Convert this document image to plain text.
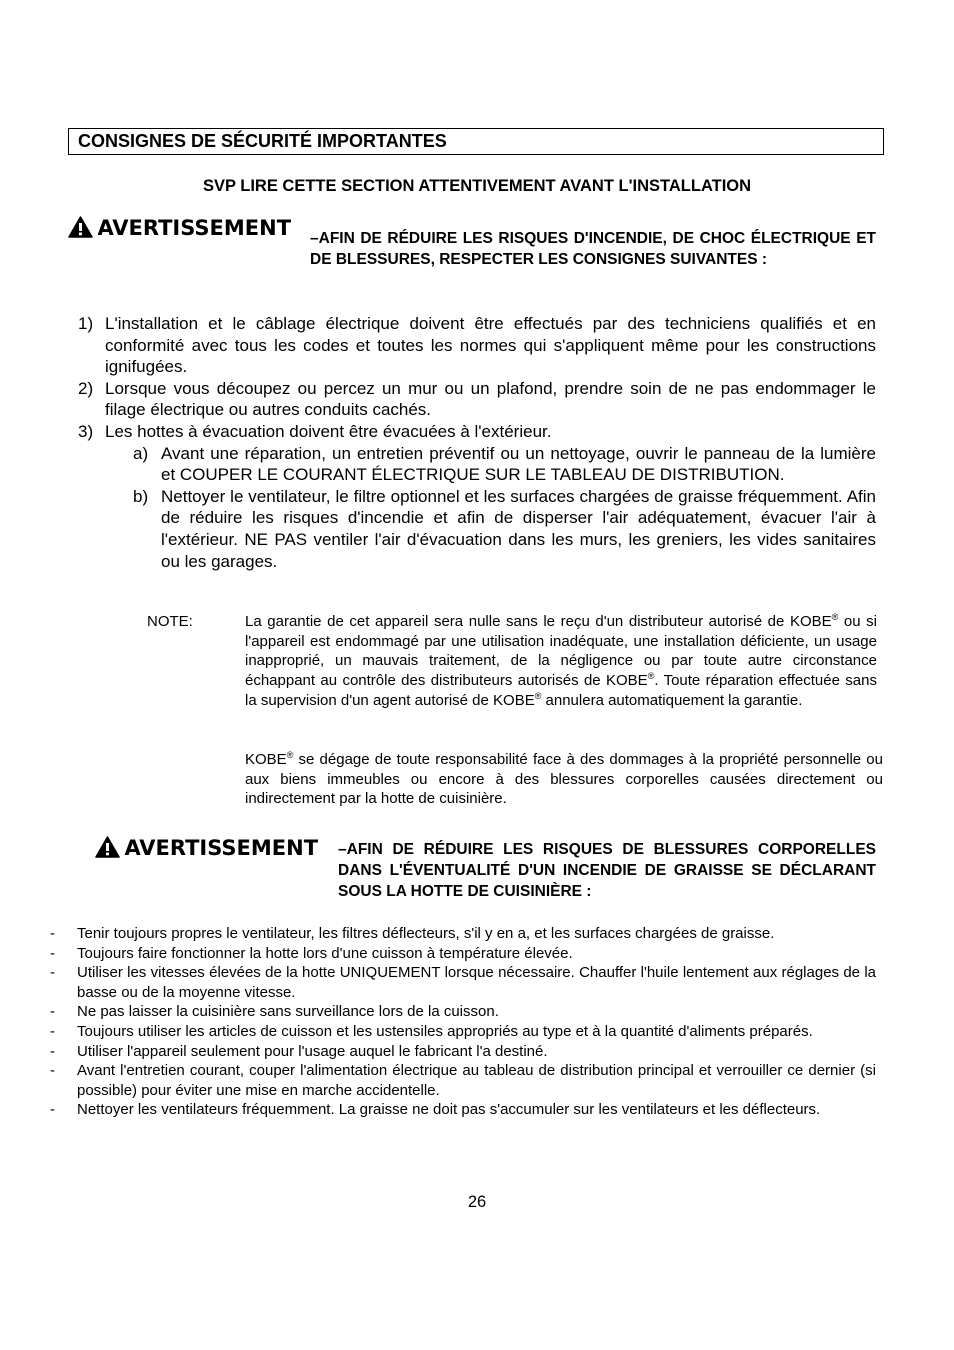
CONSIGNES DE SÉCURITÉ IMPORTANTES
SVP LIRE CETTE SECTION ATTENTIVEMENT AVANT L'INSTALLATION
AVERTISSEMENT –AFIN DE RÉDUIRE LES RISQUES D'INCENDIE, DE CHOC ÉLECTRIQUE ET DE BLESSURES, RESPECTER LES CONSIGNES SUIVANTES :
1) L'installation et le câblage électrique doivent être effectués par des techniciens qualifiés et en conformité avec tous les codes et toutes les normes qui s'appliquent même pour les constructions ignifugées.
2) Lorsque vous découpez ou percez un mur ou un plafond, prendre soin de ne pas endommager le filage électrique ou autres conduits cachés.
3) Les hottes à évacuation doivent être évacuées à l'extérieur.
a) Avant une réparation, un entretien préventif ou un nettoyage, ouvrir le panneau de la lumière et COUPER LE COURANT ÉLECTRIQUE SUR LE TABLEAU DE DISTRIBUTION.
b) Nettoyer le ventilateur, le filtre optionnel et les surfaces chargées de graisse fréquemment. Afin de réduire les risques d'incendie et afin de disperser l'air adéquatement, évacuer l'air à l'extérieur. NE PAS ventiler l'air d'évacuation dans les murs, les greniers, les vides sanitaires ou les garages.
NOTE:	La garantie de cet appareil sera nulle sans le reçu d'un distributeur autorisé de KOBE® ou si l'appareil est endommagé par une utilisation inadéquate, une installation déficiente, un usage inapproprié, un mauvais traitement, de la négligence ou par toute autre circonstance échappant au contrôle des distributeurs autorisés de KOBE®. Toute réparation effectuée sans la supervision d'un agent autorisé de KOBE® annulera automatiquement la garantie.

KOBE® se dégage de toute responsabilité face à des dommages à la propriété personnelle ou aux biens immeubles ou encore à des blessures corporelles causées directement ou indirectement par la hotte de cuisinière.

AVERTISSEMENT –AFIN DE RÉDUIRE LES RISQUES DE BLESSURES CORPORELLES DANS L'ÉVENTUALITÉ D'UN INCENDIE DE GRAISSE SE DÉCLARANT SOUS LA HOTTE DE CUISINIÈRE :
- Tenir toujours propres le ventilateur, les filtres déflecteurs, s'il y en a, et les surfaces chargées de graisse.
- Toujours faire fonctionner la hotte lors d'une cuisson à température élevée.
- Utiliser les vitesses élevées de la hotte UNIQUEMENT lorsque nécessaire. Chauffer l'huile lentement aux réglages de la basse ou de la moyenne vitesse.
- Ne pas laisser la cuisinière sans surveillance lors de la cuisson.
- Toujours utiliser les articles de cuisson et les ustensiles appropriés au type et à la quantité d'aliments préparés.
- Utiliser l'appareil seulement pour l'usage auquel le fabricant l'a destiné.
- Avant l'entretien courant, couper l'alimentation électrique au tableau de distribution principal et verrouiller ce dernier (si possible) pour éviter une mise en marche accidentelle.
- Nettoyer les ventilateurs fréquemment. La graisse ne doit pas s'accumuler sur les ventilateurs et les déflecteurs.
26
